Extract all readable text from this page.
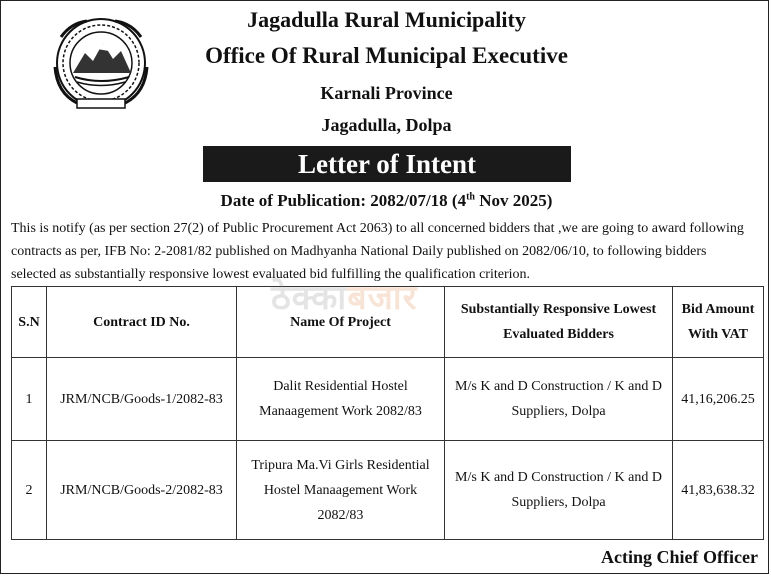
Jagadulla Rural Municipality
Office Of Rural Municipal Executive
Karnali Province
Jagadulla, Dolpa
Letter of Intent
Date of Publication: 2082/07/18 (4th Nov 2025)
This is notify (as per section 27(2) of Public Procurement Act 2063) to all concerned bidders that ,we are going to award following
contracts as per, IFB No: 2-2081/82 published on Madhyanha National Daily published on 2082/06/10, to following bidders
selected as substantially responsive lowest evaluated bid fulfilling the qualification criterion.
S.N	Contract ID No.	Name Of Project	Substantially Responsive Lowest Evaluated Bidders	Bid Amount With VAT
1	JRM/NCB/Goods-1/2082-83	Dalit Residential Hostel Manaagement Work 2082/83	M/s K and D Construction / K and D Suppliers, Dolpa	41,16,206.25
2	JRM/NCB/Goods-2/2082-83	Tripura Ma.Vi Girls Residential Hostel Manaagement Work 2082/83	M/s K and D Construction / K and D Suppliers, Dolpa	41,83,638.32
ठेक्काबजार
Acting Chief Officer
